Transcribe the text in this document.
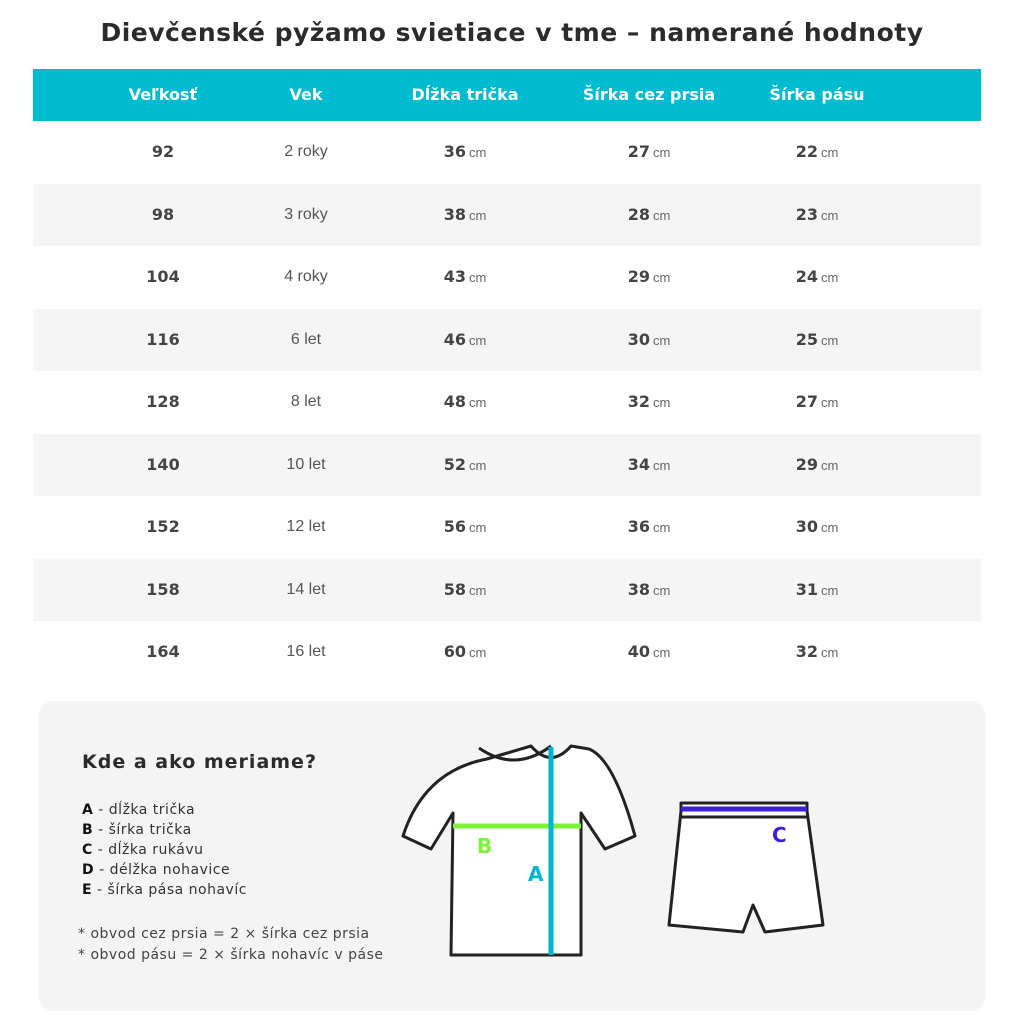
Dievčenské pyžamo svietiace v tme – namerané hodnoty
Veľkosť	Vek	Dĺžka trička	Šírka cez prsia	Šírka pásu
92	2 roky	36 cm	27 cm	22 cm
98	3 roky	38 cm	28 cm	23 cm
104	4 roky	43 cm	29 cm	24 cm
116	6 let	46 cm	30 cm	25 cm
128	8 let	48 cm	32 cm	27 cm
140	10 let	52 cm	34 cm	29 cm
152	12 let	56 cm	36 cm	30 cm
158	14 let	58 cm	38 cm	31 cm
164	16 let	60 cm	40 cm	32 cm
Kde a ako meriame?
A - dĺžka trička
B - šírka trička
C - dĺžka rukávu
D - délžka nohavice
E - šírka pása nohavíc
* obvod cez prsia = 2 × šírka cez prsia
* obvod pásu = 2 × šírka nohavíc v páse
B
A
C
